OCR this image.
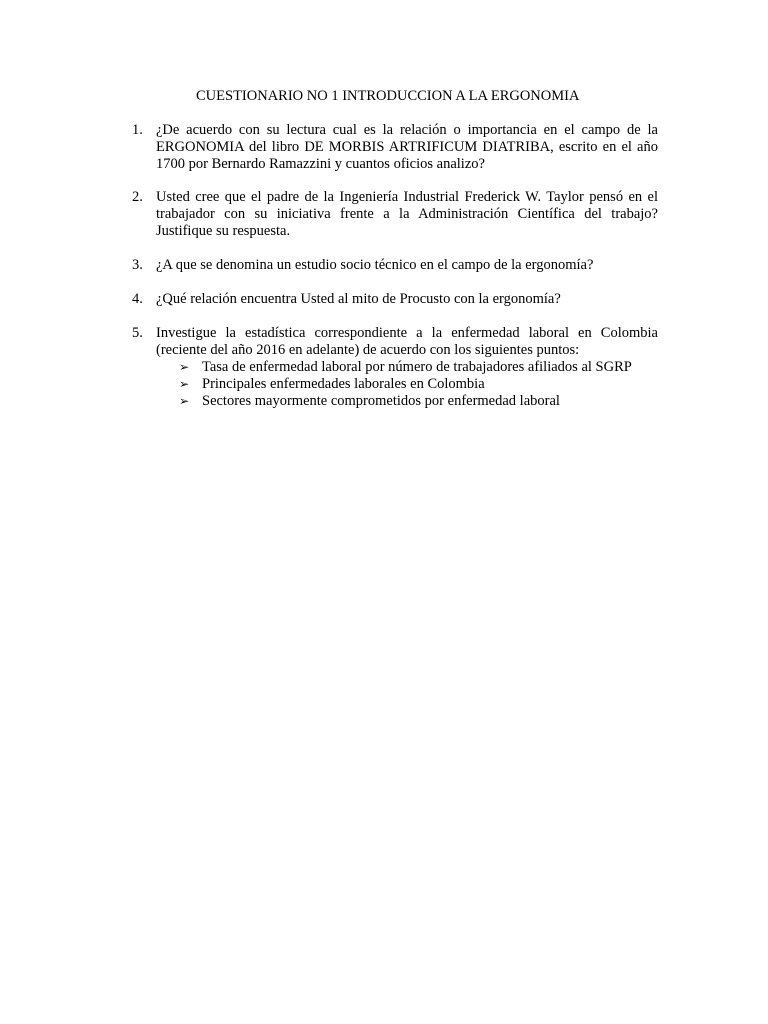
CUESTIONARIO NO 1 INTRODUCCION A LA ERGONOMIA
1. ¿De acuerdo con su lectura cual es la relación o importancia en el campo de la ERGONOMIA del libro DE MORBIS ARTRIFICUM DIATRIBA, escrito en el año 1700 por Bernardo Ramazzini y cuantos oficios analizo?
2. Usted cree que el padre de la Ingeniería Industrial Frederick W. Taylor pensó en el trabajador con su iniciativa frente a la Administración Científica del trabajo? Justifique su respuesta.
3. ¿A que se denomina un estudio socio técnico en el campo de la ergonomía?
4. ¿Qué relación encuentra Usted al mito de Procusto con la ergonomía?
5. Investigue la estadística correspondiente a la enfermedad laboral en Colombia (reciente del año 2016 en adelante) de acuerdo con los siguientes puntos:
➢ Tasa de enfermedad laboral por número de trabajadores afiliados al SGRP
➢ Principales enfermedades laborales en Colombia
➢ Sectores mayormente comprometidos por enfermedad laboral
